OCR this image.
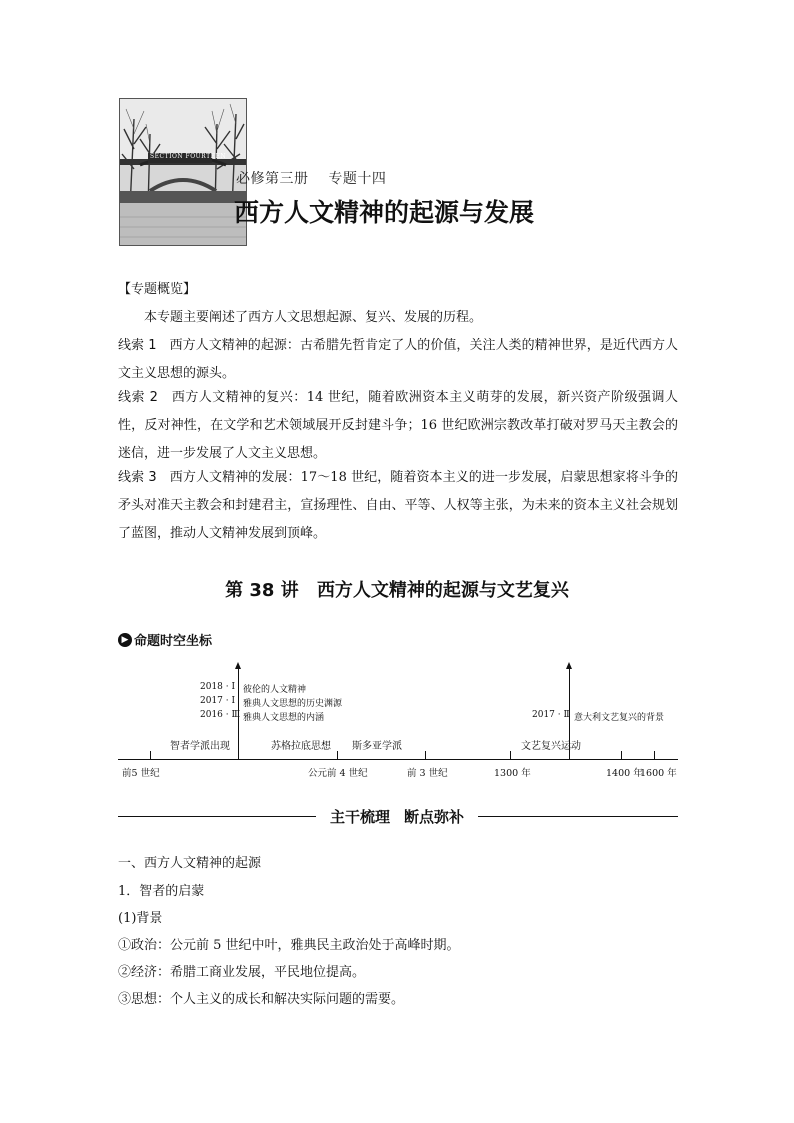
SECTION FOURTEEN
必修第三册 专题十四
西方人文精神的起源与发展
【专题概览】
本专题主要阐述了西方人文思想起源、复兴、发展的历程。
线索 1　西方人文精神的起源：古希腊先哲肯定了人的价值，关注人类的精神世界，是近代西方人文主义思想的源头。
线索 2　西方人文精神的复兴：14 世纪，随着欧洲资本主义萌芽的发展，新兴资产阶级强调人性，反对神性，在文学和艺术领域展开反封建斗争；16 世纪欧洲宗教改革打破对罗马天主教会的迷信，进一步发展了人文主义思想。
线索 3　西方人文精神的发展：17～18 世纪，随着资本主义的进一步发展，启蒙思想家将斗争的矛头对准天主教会和封建君主，宣扬理性、自由、平等、人权等主张，为未来的资本主义社会规划了蓝图，推动人文精神发展到顶峰。
第 38 讲 西方人文精神的起源与文艺复兴
▶ 命题时空坐标
2018 · Ⅰ
2017 · Ⅰ
2016 · Ⅲ
彼伦的人文精神
雅典人文思想的历史渊源
雅典人文思想的内涵	2017 · Ⅱ 意大利文艺复兴的背景
智者学派出现	苏格拉底思想 斯多亚学派	文艺复兴运动
前5 世纪	公元前 4 世纪	前 3 世纪	1300 年	1400 年
1600 年
主干梳理 断点弥补
一、西方人文精神的起源
1．智者的启蒙
(1)背景
①政治：公元前 5 世纪中叶，雅典民主政治处于高峰时期。
②经济：希腊工商业发展，平民地位提高。
③思想：个人主义的成长和解决实际问题的需要。
